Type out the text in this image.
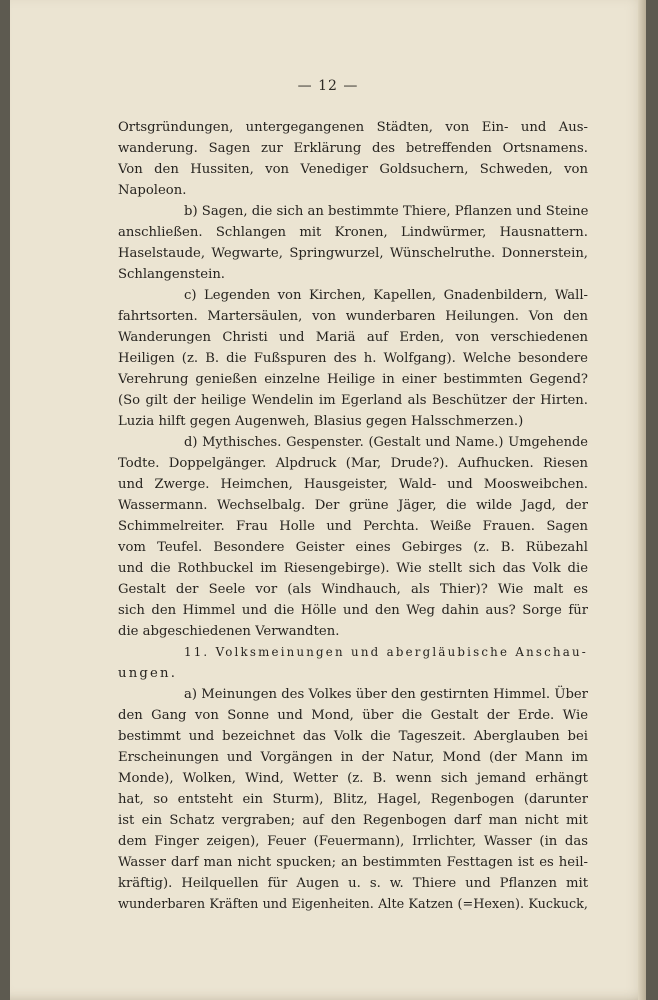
— 12 —
Ortsgründungen, untergegangenen Städten, von Ein- und Aus-
wanderung. Sagen zur Erklärung des betreffenden Ortsnamens.
Von den Hussiten, von Venediger Goldsuchern, Schweden, von
Napoleon.
b) Sagen, die sich an bestimmte Thiere, Pflanzen und Steine
anschließen. Schlangen mit Kronen, Lindwürmer, Hausnattern.
Haselstaude, Wegwarte, Springwurzel, Wünschelruthe. Donnerstein,
Schlangenstein.
c) Legenden von Kirchen, Kapellen, Gnadenbildern, Wall-
fahrtsorten. Martersäulen, von wunderbaren Heilungen. Von den
Wanderungen Christi und Mariä auf Erden, von verschiedenen
Heiligen (z. B. die Fußspuren des h. Wolfgang). Welche besondere
Verehrung genießen einzelne Heilige in einer bestimmten Gegend?
(So gilt der heilige Wendelin im Egerland als Beschützer der Hirten.
Luzia hilft gegen Augenweh, Blasius gegen Halsschmerzen.)
d) Mythisches. Gespenster. (Gestalt und Name.) Umgehende
Todte. Doppelgänger. Alpdruck (Mar, Drude?). Aufhucken. Riesen
und Zwerge. Heimchen, Hausgeister, Wald- und Moosweibchen.
Wassermann. Wechselbalg. Der grüne Jäger, die wilde Jagd, der
Schimmelreiter. Frau Holle und Perchta. Weiße Frauen. Sagen
vom Teufel. Besondere Geister eines Gebirges (z. B. Rübezahl
und die Rothbuckel im Riesengebirge). Wie stellt sich das Volk die
Gestalt der Seele vor (als Windhauch, als Thier)? Wie malt es
sich den Himmel und die Hölle und den Weg dahin aus? Sorge für
die abgeschiedenen Verwandten.
11. Volksmeinungen und abergläubische Anschau-
ungen.
a) Meinungen des Volkes über den gestirnten Himmel. Über
den Gang von Sonne und Mond, über die Gestalt der Erde. Wie
bestimmt und bezeichnet das Volk die Tageszeit. Aberglauben bei
Erscheinungen und Vorgängen in der Natur, Mond (der Mann im
Monde), Wolken, Wind, Wetter (z. B. wenn sich jemand erhängt
hat, so entsteht ein Sturm), Blitz, Hagel, Regenbogen (darunter
ist ein Schatz vergraben; auf den Regenbogen darf man nicht mit
dem Finger zeigen), Feuer (Feuermann), Irrlichter, Wasser (in das
Wasser darf man nicht spucken; an bestimmten Festtagen ist es heil-
kräftig). Heilquellen für Augen u. s. w. Thiere und Pflanzen mit
wunderbaren Kräften und Eigenheiten. Alte Katzen (=Hexen). Kuckuck,
